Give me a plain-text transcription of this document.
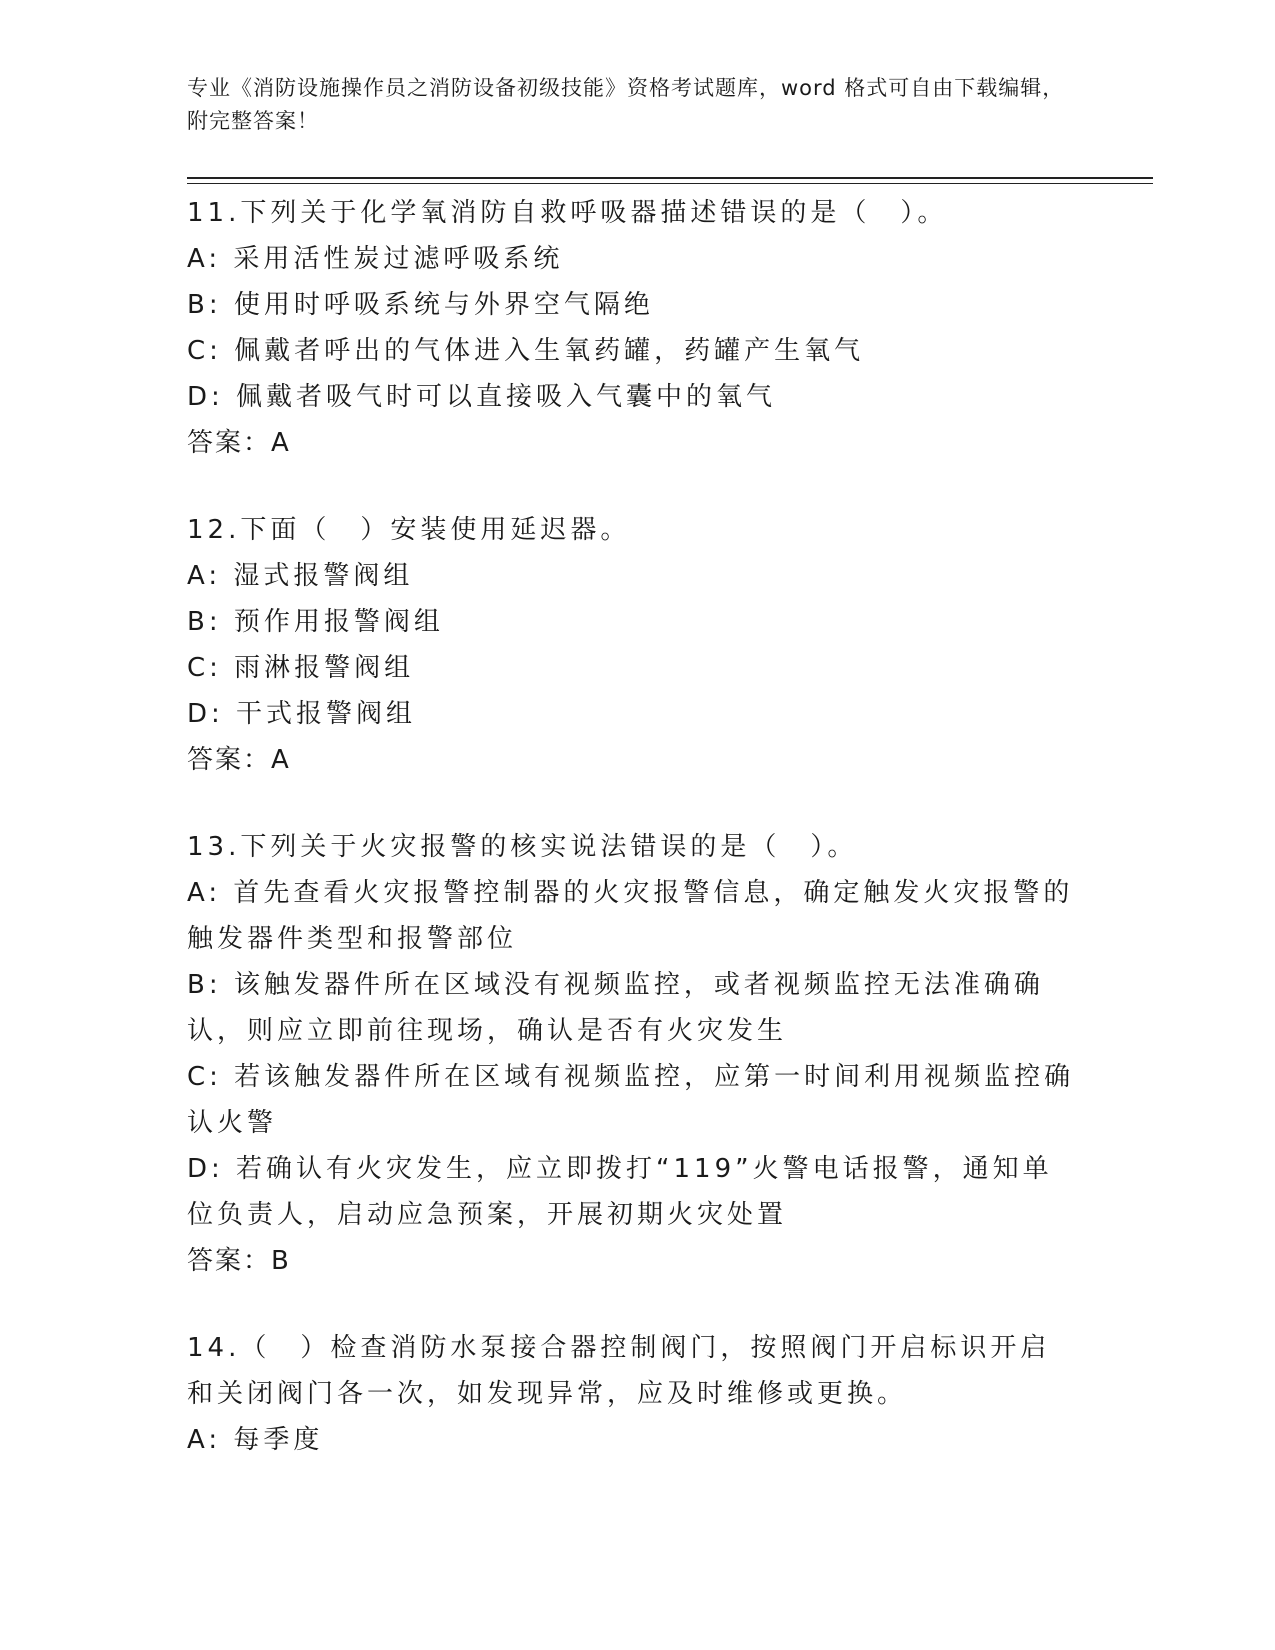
专业《消防设施操作员之消防设备初级技能》资格考试题库，word 格式可自由下载编辑，附完整答案！
11.下列关于化学氧消防自救呼吸器描述错误的是（　）。
A: 采用活性炭过滤呼吸系统
B: 使用时呼吸系统与外界空气隔绝
C: 佩戴者呼出的气体进入生氧药罐，药罐产生氧气
D: 佩戴者吸气时可以直接吸入气囊中的氧气
答案：A
12.下面（　）安装使用延迟器。
A: 湿式报警阀组
B: 预作用报警阀组
C: 雨淋报警阀组
D: 干式报警阀组
答案：A
13.下列关于火灾报警的核实说法错误的是（　）。
A: 首先查看火灾报警控制器的火灾报警信息，确定触发火灾报警的触发器件类型和报警部位
B: 该触发器件所在区域没有视频监控，或者视频监控无法准确确认，则应立即前往现场，确认是否有火灾发生
C: 若该触发器件所在区域有视频监控，应第一时间利用视频监控确认火警
D: 若确认有火灾发生，应立即拨打“119”火警电话报警，通知单位负责人，启动应急预案，开展初期火灾处置
答案：B
14.（　）检查消防水泵接合器控制阀门，按照阀门开启标识开启和关闭阀门各一次，如发现异常，应及时维修或更换。
A: 每季度
